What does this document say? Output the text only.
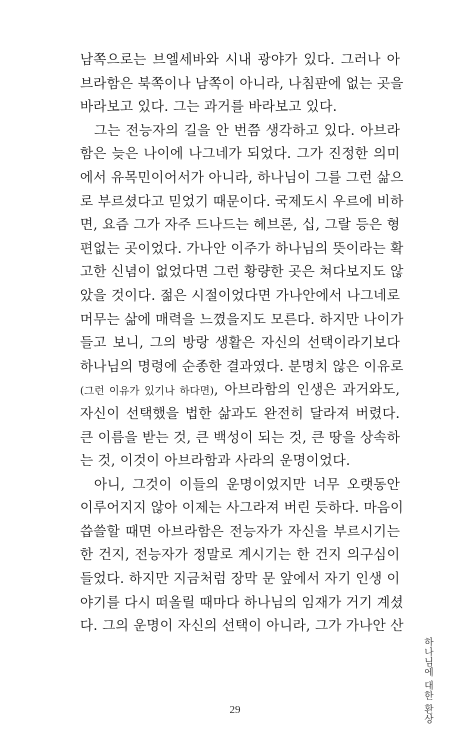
남쪽으로는 브엘세바와 시내 광야가 있다. 그러나 아
브라함은 북쪽이나 남쪽이 아니라, 나침판에 없는 곳을
바라보고 있다. 그는 과거를 바라보고 있다.
그는 전능자의 길을 안 번쯤 생각하고 있다. 아브라
함은 늦은 나이에 나그네가 되었다. 그가 진정한 의미
에서 유목민이어서가 아니라, 하나님이 그를 그런 삶으
로 부르셨다고 믿었기 때문이다. 국제도시 우르에 비하
면, 요즘 그가 자주 드나드는 헤브론, 십, 그랄 등은 형
편없는 곳이었다. 가나안 이주가 하나님의 뜻이라는 확
고한 신념이 없었다면 그런 황량한 곳은 쳐다보지도 않
았을 것이다. 젊은 시절이었다면 가나안에서 나그네로
머무는 삶에 매력을 느꼈을지도 모른다. 하지만 나이가
들고 보니, 그의 방랑 생활은 자신의 선택이라기보다
하나님의 명령에 순종한 결과였다. 분명치 않은 이유로
(그런 이유가 있기나 하다면), 아브라함의 인생은 과거와도,
자신이 선택했을 법한 삶과도 완전히 달라져 버렸다.
큰 이름을 받는 것, 큰 백성이 되는 것, 큰 땅을 상속하
는 것, 이것이 아브라함과 사라의 운명이었다.
아니, 그것이 이들의 운명이었지만 너무 오랫동안
이루어지지 않아 이제는 사그라져 버린 듯하다. 마음이
씁쓸할 때면 아브라함은 전능자가 자신을 부르시기는
한 건지, 전능자가 정말로 계시기는 한 건지 의구심이
들었다. 하지만 지금처럼 장막 문 앞에서 자기 인생 이
야기를 다시 떠올릴 때마다 하나님의 임재가 거기 계셨
다. 그의 운명이 자신의 선택이 아니라, 그가 가나안 산
하나님에 대한 환상
29
